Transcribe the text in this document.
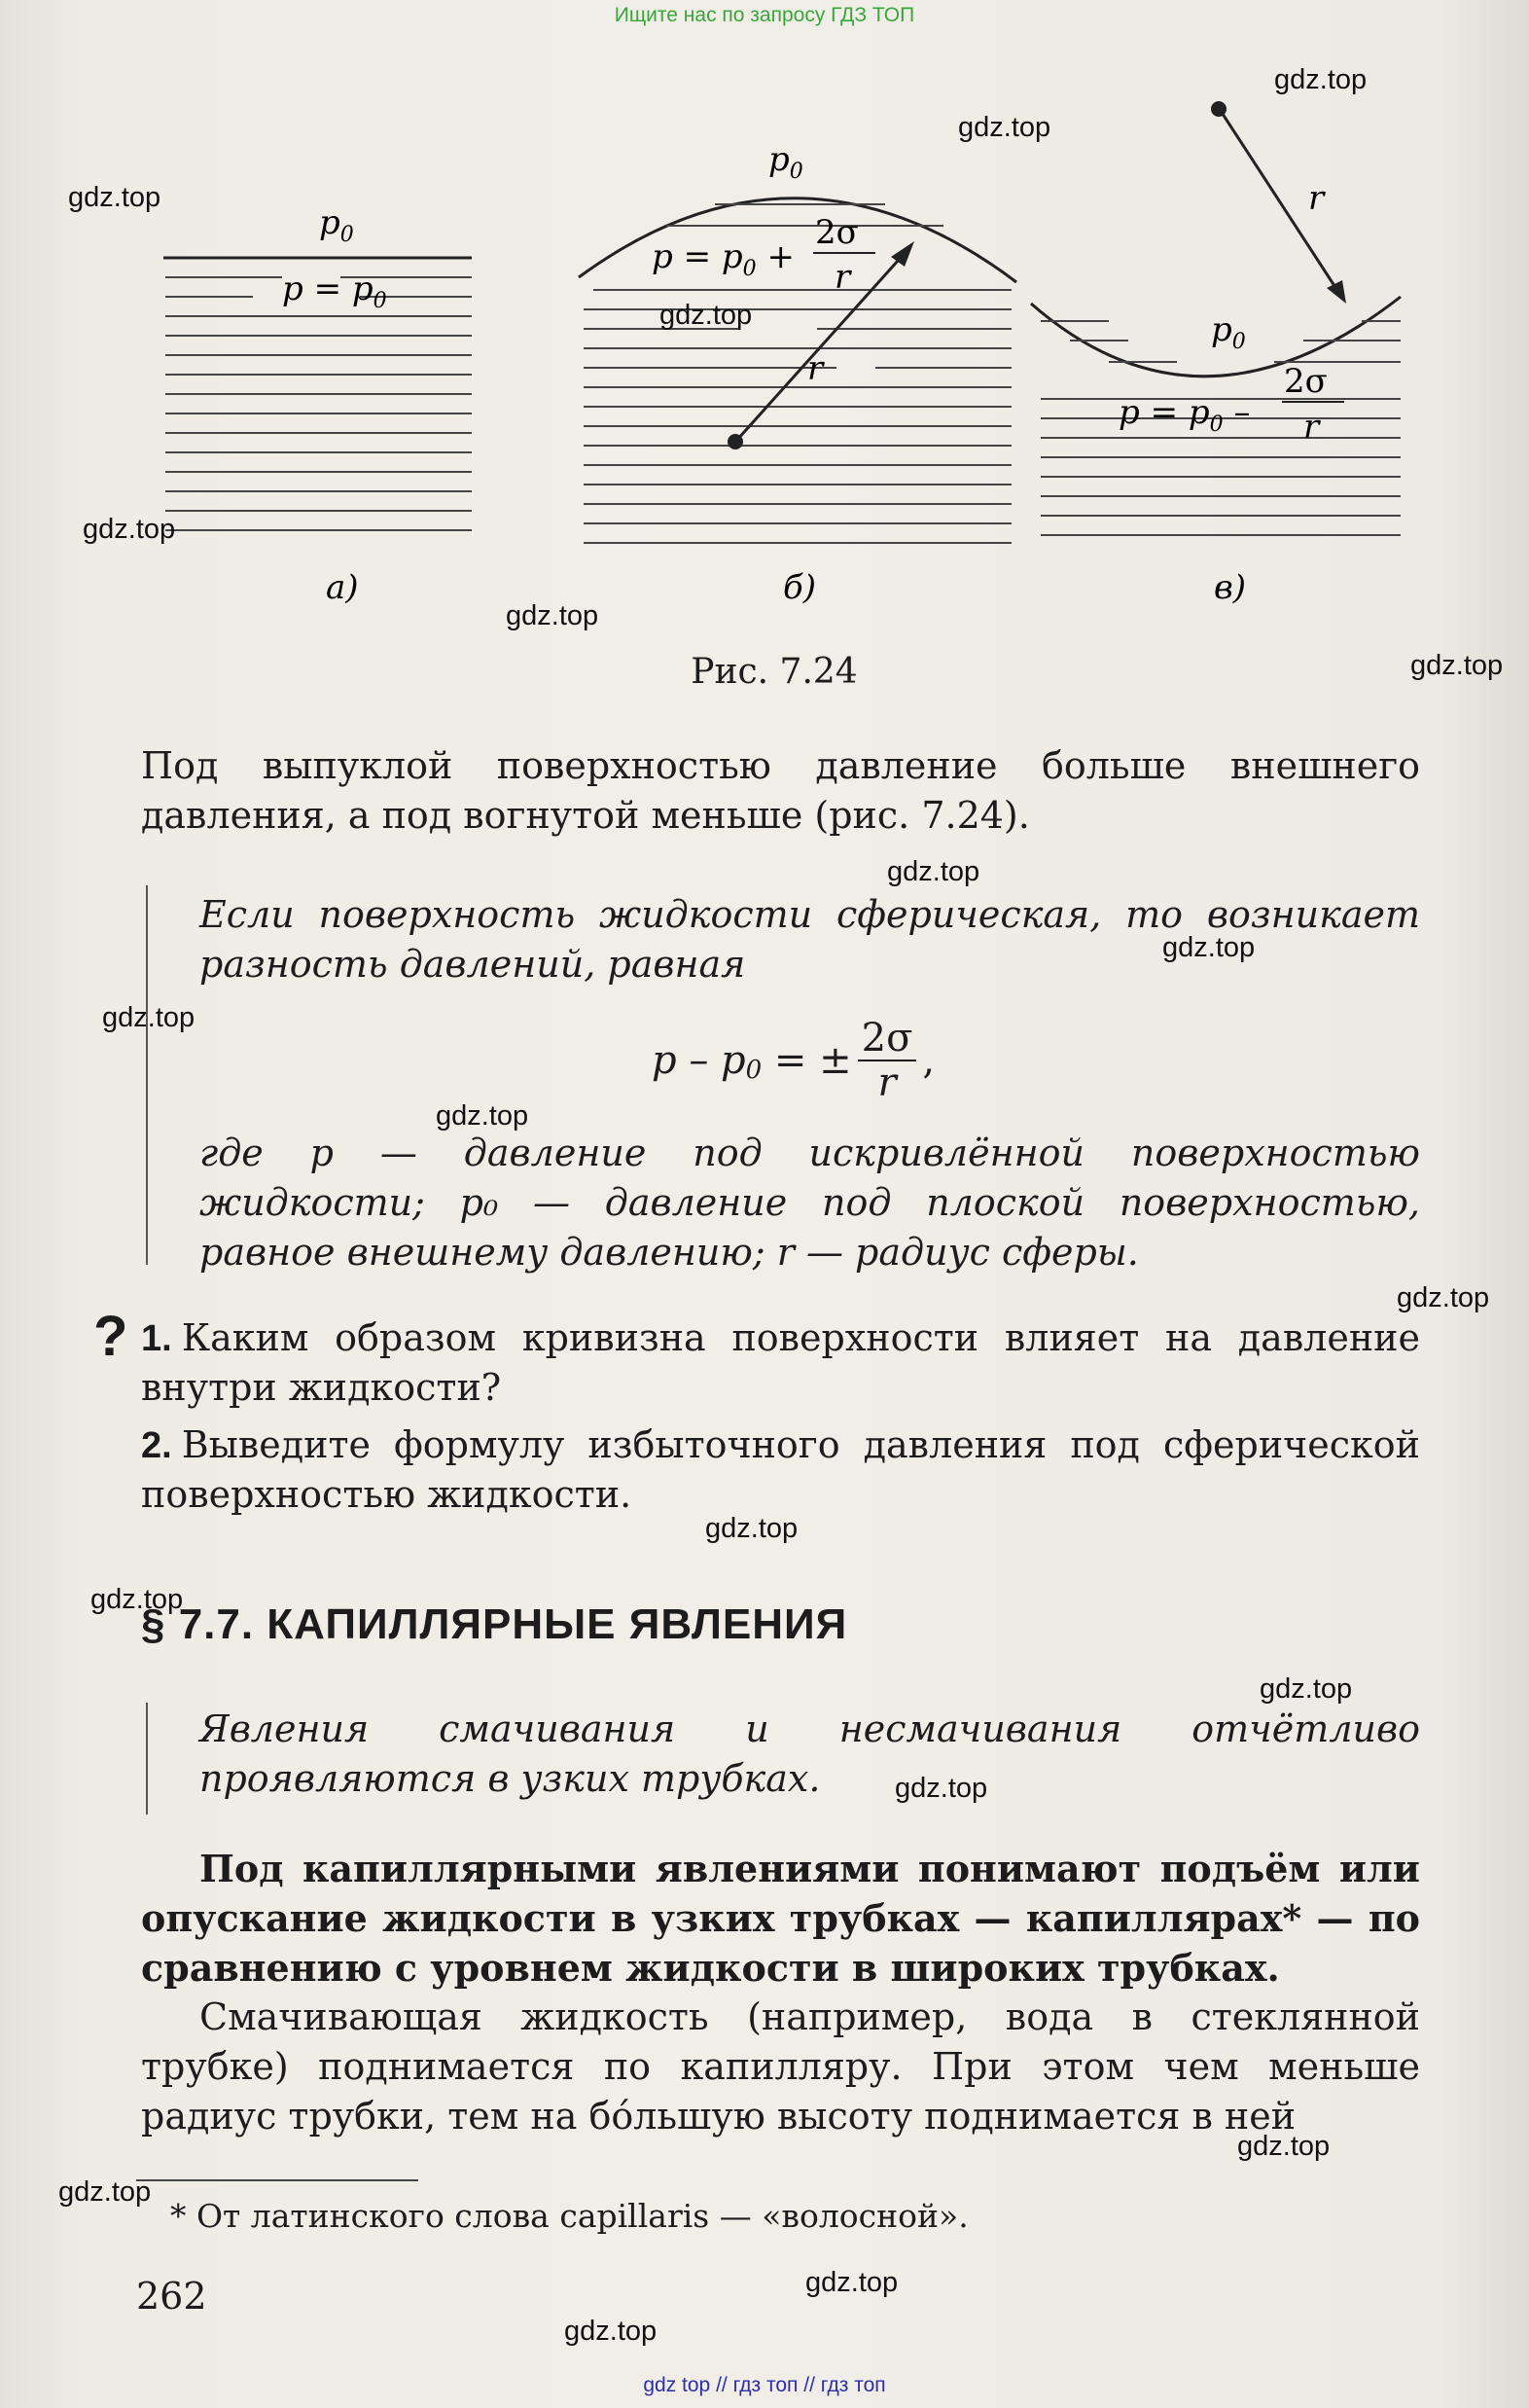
Ищите нас по запросу ГДЗ ТОП
$p_0$
$p = p_0$
а)
$p_0$
$p = p_0$ +
2σ
r
r
б)
r
$p_0$
$p = p_0$ –
2σ
r
в)
Рис. 7.24
Под выпуклой поверхностью давление больше внешнего давления, а под вогнутой меньше (рис. 7.24).
Если поверхность жидкости сферическая, то возникает разность давлений, равная
p – p 0 = ± $\frac{2\sigma}{r}$ ,
где p — давление под искривлённой поверхностью жидкости; p₀ — давление под плоской поверхностью, равное внешнему давлению; r — радиус сферы.
? 1. Каким образом кривизна поверхности влияет на давление внутри жидкости?
2. Выведите формулу избыточного давления под сферической поверхностью жидкости.
§ 7.7. КАПИЛЛЯРНЫЕ ЯВЛЕНИЯ
Явления смачивания и несмачивания отчётливо проявляются в узких трубках.
Под капиллярными явлениями понимают подъём или опускание жидкости в узких трубках — капиллярах* — по сравнению с уровнем жидкости в широких трубках.
Смачивающая жидкость (например, вода в стеклянной трубке) поднимается по капилляру. При этом чем меньше радиус трубки, тем на бóльшую высоту поднимается в ней
* От латинского слова capillaris — «волосной».
262
gdz.top
gdz.top
gdz.top
gdz.top
gdz.top
gdz.top
gdz.top
gdz.top
gdz.top
gdz.top
gdz.top
gdz.top
gdz.top
gdz.top
gdz.top
gdz.top
gdz.top
gdz.top
gdz.top
gdz.top
gdz top // гдз топ // гдз топ
